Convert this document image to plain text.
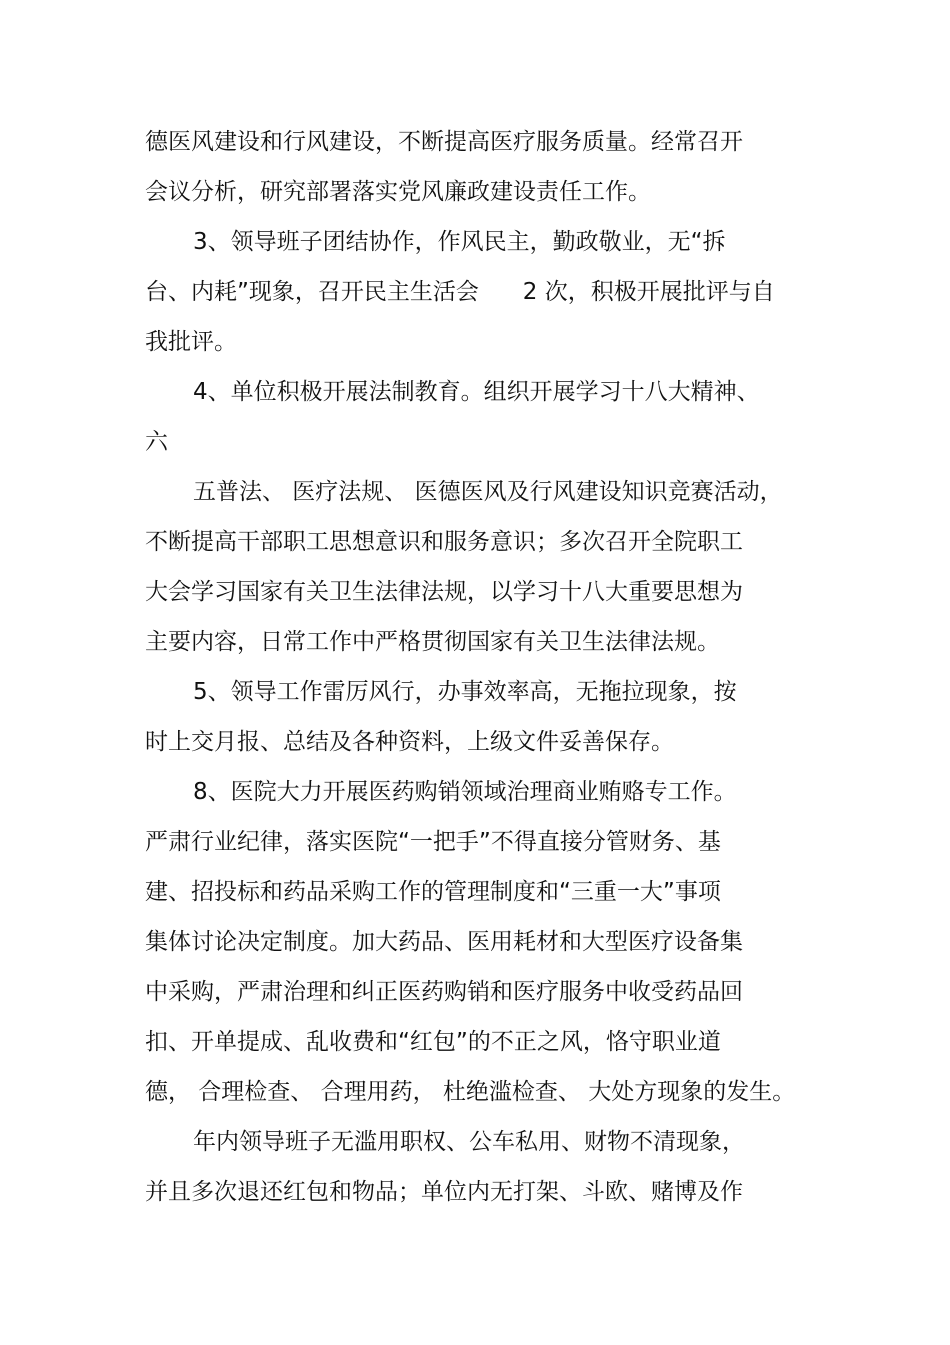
德医风建设和行风建设，不断提高医疗服务质量。经常召开
会议分析，研究部署落实党风廉政建设责任工作。
3、领导班子团结协作，作风民主，勤政敬业，无“拆
台、内耗”现象，召开民主生活会      2 次，积极开展批评与自
我批评。
4、单位积极开展法制教育。组织开展学习十八大精神、
六
五普法、 医疗法规、 医德医风及行风建设知识竞赛活动，
不断提高干部职工思想意识和服务意识；多次召开全院职工
大会学习国家有关卫生法律法规，以学习十八大重要思想为
主要内容，日常工作中严格贯彻国家有关卫生法律法规。
5、领导工作雷厉风行，办事效率高，无拖拉现象，按
时上交月报、总结及各种资料，上级文件妥善保存。
8、医院大力开展医药购销领域治理商业贿赂专工作。
严肃行业纪律，落实医院“一把手”不得直接分管财务、基
建、招投标和药品采购工作的管理制度和“三重一大”事项
集体讨论决定制度。加大药品、医用耗材和大型医疗设备集
中采购，严肃治理和纠正医药购销和医疗服务中收受药品回
扣、开单提成、乱收费和“红包”的不正之风，恪守职业道
德， 合理检查、 合理用药， 杜绝滥检查、 大处方现象的发生。
年内领导班子无滥用职权、公车私用、财物不清现象，
并且多次退还红包和物品；单位内无打架、斗欧、赌博及作
